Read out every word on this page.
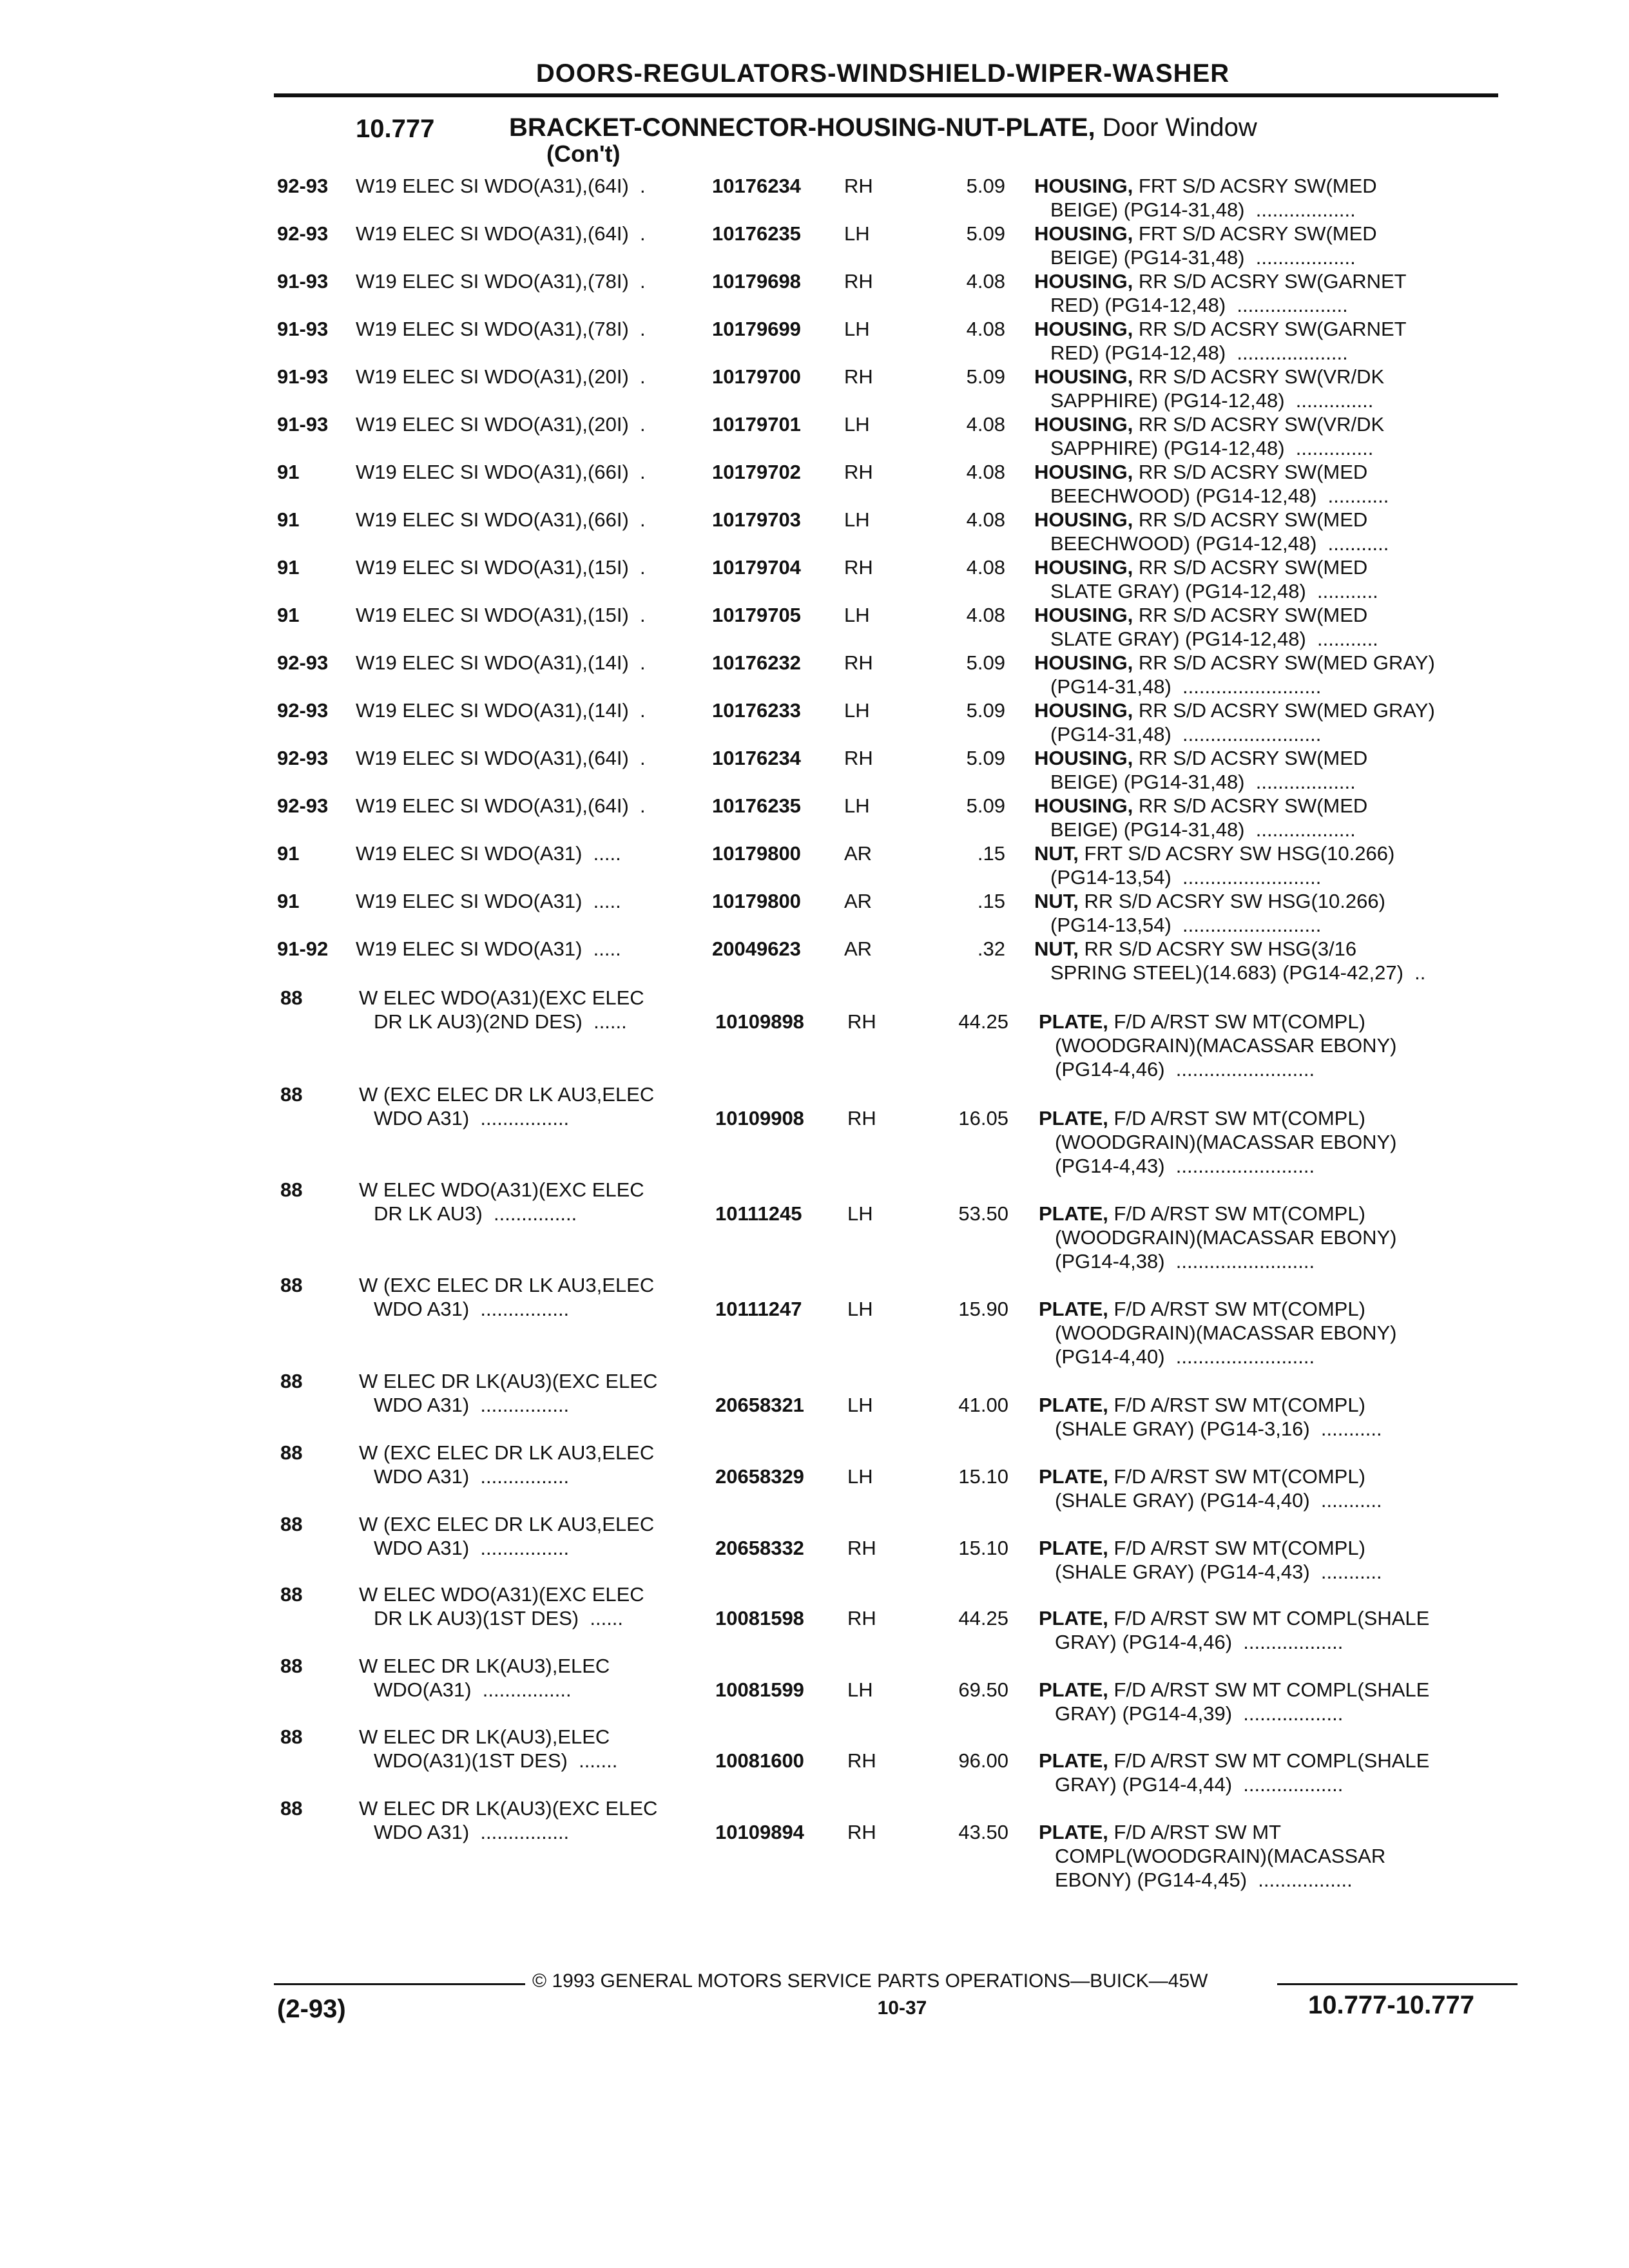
DOORS-REGULATORS-WINDSHIELD-WIPER-WASHER
10.777	BRACKET-CONNECTOR-HOUSING-NUT-PLATE, Door Window
(Con't)
92-93 W19 ELEC SI WDO(A31),(64I)  .	10176234 RH	5.09 HOUSING, FRT S/D ACSRY SW(MED
BEIGE) (PG14-31,48)  ..................
92-93 W19 ELEC SI WDO(A31),(64I)  .	10176235 LH	5.09 HOUSING, FRT S/D ACSRY SW(MED
BEIGE) (PG14-31,48)  ..................
91-93 W19 ELEC SI WDO(A31),(78I)  .	10179698 RH	4.08 HOUSING, RR S/D ACSRY SW(GARNET
RED) (PG14-12,48)  ....................
91-93 W19 ELEC SI WDO(A31),(78I)  .	10179699 LH	4.08 HOUSING, RR S/D ACSRY SW(GARNET
RED) (PG14-12,48)  ....................
91-93 W19 ELEC SI WDO(A31),(20I)  .	10179700 RH	5.09 HOUSING, RR S/D ACSRY SW(VR/DK
SAPPHIRE) (PG14-12,48)  ..............
91-93 W19 ELEC SI WDO(A31),(20I)  .	10179701 LH	4.08 HOUSING, RR S/D ACSRY SW(VR/DK
SAPPHIRE) (PG14-12,48)  ..............
91	W19 ELEC SI WDO(A31),(66I)  .	10179702 RH	4.08 HOUSING, RR S/D ACSRY SW(MED
BEECHWOOD) (PG14-12,48)  ...........
91	W19 ELEC SI WDO(A31),(66I)  .	10179703 LH	4.08 HOUSING, RR S/D ACSRY SW(MED
BEECHWOOD) (PG14-12,48)  ...........
91	W19 ELEC SI WDO(A31),(15I)  .	10179704 RH	4.08 HOUSING, RR S/D ACSRY SW(MED
SLATE GRAY) (PG14-12,48)  ...........
91	W19 ELEC SI WDO(A31),(15I)  .	10179705 LH	4.08 HOUSING, RR S/D ACSRY SW(MED
SLATE GRAY) (PG14-12,48)  ...........
92-93 W19 ELEC SI WDO(A31),(14I)  .	10176232 RH	5.09 HOUSING, RR S/D ACSRY SW(MED GRAY)
(PG14-31,48)  .........................
92-93 W19 ELEC SI WDO(A31),(14I)  .	10176233 LH	5.09 HOUSING, RR S/D ACSRY SW(MED GRAY)
(PG14-31,48)  .........................
92-93 W19 ELEC SI WDO(A31),(64I)  .	10176234 RH	5.09 HOUSING, RR S/D ACSRY SW(MED
BEIGE) (PG14-31,48)  ..................
92-93 W19 ELEC SI WDO(A31),(64I)  .	10176235 LH	5.09 HOUSING, RR S/D ACSRY SW(MED
BEIGE) (PG14-31,48)  ..................
91	W19 ELEC SI WDO(A31)  .....	10179800 AR	.15 NUT, FRT S/D ACSRY SW HSG(10.266)
(PG14-13,54)  .........................
91	W19 ELEC SI WDO(A31)  .....	10179800 AR	.15 NUT, RR S/D ACSRY SW HSG(10.266)
(PG14-13,54)  .........................
91-92 W19 ELEC SI WDO(A31)  .....	20049623 AR	.32 NUT, RR S/D ACSRY SW HSG(3/16
SPRING STEEL)(14.683) (PG14-42,27)  ..
88	W ELEC WDO(A31)(EXC ELEC
DR LK AU3)(2ND DES)  ......	10109898 RH	44.25 PLATE, F/D A/RST SW MT(COMPL)
(WOODGRAIN)(MACASSAR EBONY)
(PG14-4,46)  .........................
88	W (EXC ELEC DR LK AU3,ELEC
WDO A31)  ................	10109908 RH	16.05 PLATE, F/D A/RST SW MT(COMPL)
(WOODGRAIN)(MACASSAR EBONY)
(PG14-4,43)  .........................
88	W ELEC WDO(A31)(EXC ELEC
DR LK AU3)  ...............	10111245 LH	53.50 PLATE, F/D A/RST SW MT(COMPL)
(WOODGRAIN)(MACASSAR EBONY)
(PG14-4,38)  .........................
88	W (EXC ELEC DR LK AU3,ELEC
WDO A31)  ................	10111247 LH	15.90 PLATE, F/D A/RST SW MT(COMPL)
(WOODGRAIN)(MACASSAR EBONY)
(PG14-4,40)  .........................
88	W ELEC DR LK(AU3)(EXC ELEC
WDO A31)  ................	20658321 LH	41.00 PLATE, F/D A/RST SW MT(COMPL)
(SHALE GRAY) (PG14-3,16)  ...........
88	W (EXC ELEC DR LK AU3,ELEC
WDO A31)  ................	20658329 LH	15.10 PLATE, F/D A/RST SW MT(COMPL)
(SHALE GRAY) (PG14-4,40)  ...........
88	W (EXC ELEC DR LK AU3,ELEC
WDO A31)  ................	20658332 RH	15.10 PLATE, F/D A/RST SW MT(COMPL)
(SHALE GRAY) (PG14-4,43)  ...........
88	W ELEC WDO(A31)(EXC ELEC
DR LK AU3)(1ST DES)  ......	10081598 RH	44.25 PLATE, F/D A/RST SW MT COMPL(SHALE
GRAY) (PG14-4,46)  ..................
88	W ELEC DR LK(AU3),ELEC
WDO(A31)  ................	10081599 LH	69.50 PLATE, F/D A/RST SW MT COMPL(SHALE
GRAY) (PG14-4,39)  ..................
88	W ELEC DR LK(AU3),ELEC
WDO(A31)(1ST DES)  .......	10081600 RH	96.00 PLATE, F/D A/RST SW MT COMPL(SHALE
GRAY) (PG14-4,44)  ..................
88	W ELEC DR LK(AU3)(EXC ELEC
WDO A31)  ................	10109894 RH	43.50 PLATE, F/D A/RST SW MT
COMPL(WOODGRAIN)(MACASSAR
EBONY) (PG14-4,45)  .................
© 1993 GENERAL MOTORS SERVICE PARTS OPERATIONS—BUICK—45W
10-37
(2-93)	10.777-10.777
